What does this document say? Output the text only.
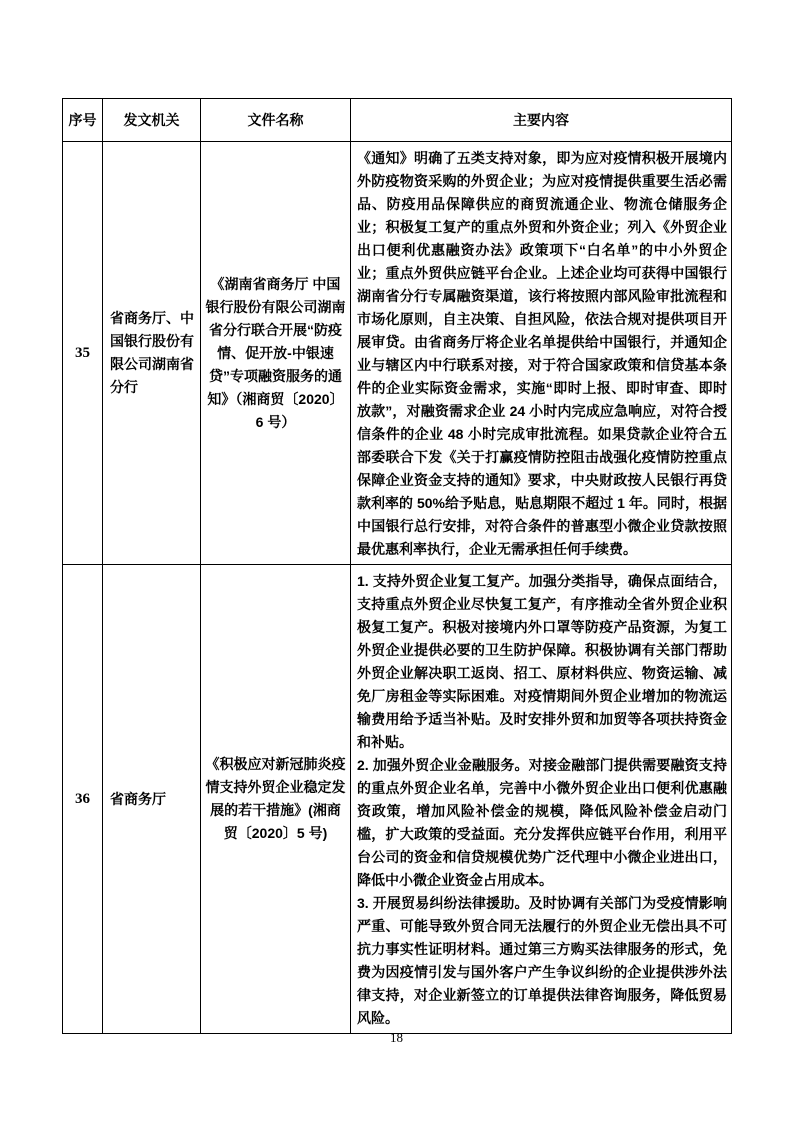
序号	发文机关	文件名称	主要内容
35	省商务厅、中国银行股份有限公司湖南省分行	《湖南省商务厅 中国银行股份有限公司湖南省分行联合开展“防疫情、促开放-中银速贷”专项融资服务的通知》（湘商贸〔2020〕6 号）	《通知》明确了五类支持对象，即为应对疫情积极开展境内外防疫物资采购的外贸企业；为应对疫情提供重要生活必需品、防疫用品保障供应的商贸流通企业、物流仓储服务企业；积极复工复产的重点外贸和外资企业；列入《外贸企业出口便利优惠融资办法》政策项下“白名单”的中小外贸企业；重点外贸供应链平台企业。上述企业均可获得中国银行湖南省分行专属融资渠道，该行将按照内部风险审批流程和市场化原则，自主决策、自担风险，依法合规对提供项目开展审贷。由省商务厅将企业名单提供给中国银行，并通知企业与辖区内中行联系对接，对于符合国家政策和信贷基本条件的企业实际资金需求，实施“即时上报、即时审查、即时放款”，对融资需求企业 24 小时内完成应急响应，对符合授信条件的企业 48 小时完成审批流程。如果贷款企业符合五部委联合下发《关于打赢疫情防控阻击战强化疫情防控重点保障企业资金支持的通知》要求，中央财政按人民银行再贷款利率的 50%给予贴息，贴息期限不超过 1 年。同时，根据中国银行总行安排，对符合条件的普惠型小微企业贷款按照最优惠利率执行，企业无需承担任何手续费。

36	省商务厅	《积极应对新冠肺炎疫情支持外贸企业稳定发展的若干措施》(湘商贸〔2020〕5 号)	1. 支持外贸企业复工复产。加强分类指导，确保点面结合，支持重点外贸企业尽快复工复产，有序推动全省外贸企业积极复工复产。积极对接境内外口罩等防疫产品资源，为复工外贸企业提供必要的卫生防护保障。积极协调有关部门帮助外贸企业解决职工返岗、招工、原材料供应、物资运输、减免厂房租金等实际困难。对疫情期间外贸企业增加的物流运输费用给予适当补贴。及时安排外贸和加贸等各项扶持资金和补贴。
2. 加强外贸企业金融服务。对接金融部门提供需要融资支持的重点外贸企业名单，完善中小微外贸企业出口便利优惠融资政策，增加风险补偿金的规模，降低风险补偿金启动门槛，扩大政策的受益面。充分发挥供应链平台作用，利用平台公司的资金和信贷规模优势广泛代理中小微企业进出口，降低中小微企业资金占用成本。
3. 开展贸易纠纷法律援助。及时协调有关部门为受疫情影响严重、可能导致外贸合同无法履行的外贸企业无偿出具不可抗力事实性证明材料。通过第三方购买法律服务的形式，免费为因疫情引发与国外客户产生争议纠纷的企业提供涉外法律支持，对企业新签立的订单提供法律咨询服务，降低贸易风险。
18
